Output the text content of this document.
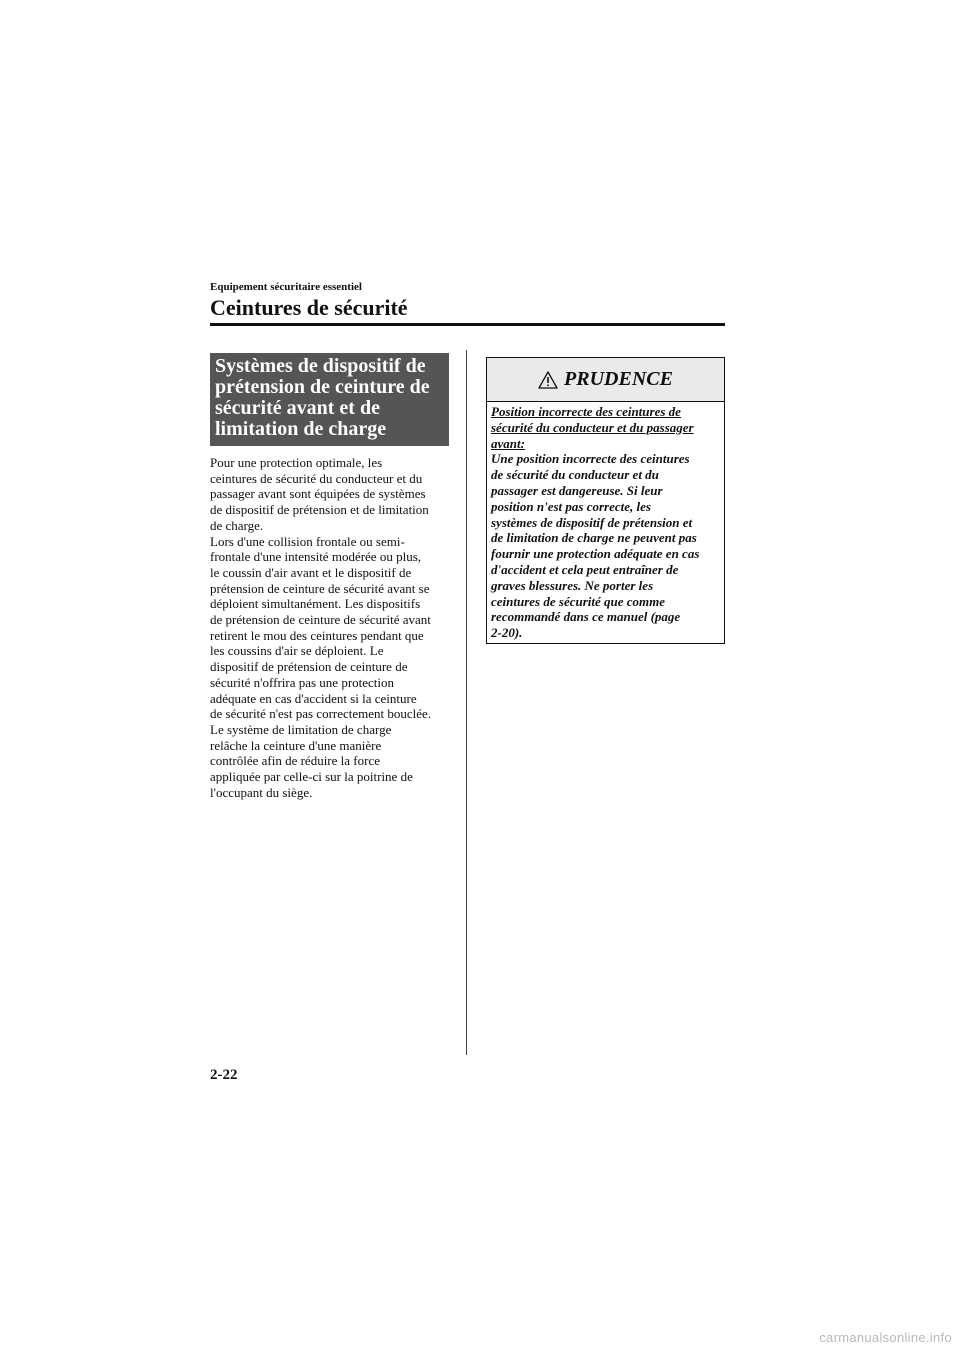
Equipement sécuritaire essentiel
Ceintures de sécurité
Systèmes de dispositif de
prétension de ceinture de
sécurité avant et de
limitation de charge
Pour une protection optimale, les
ceintures de sécurité du conducteur et du
passager avant sont équipées de systèmes
de dispositif de prétension et de limitation
de charge.
Lors d'une collision frontale ou semi-
frontale d'une intensité modérée ou plus,
le coussin d'air avant et le dispositif de
prétension de ceinture de sécurité avant se
déploient simultanément. Les dispositifs
de prétension de ceinture de sécurité avant
retirent le mou des ceintures pendant que
les coussins d'air se déploient. Le
dispositif de prétension de ceinture de
sécurité n'offrira pas une protection
adéquate en cas d'accident si la ceinture
de sécurité n'est pas correctement bouclée.
Le système de limitation de charge
relâche la ceinture d'une manière
contrôlée afin de réduire la force
appliquée par celle-ci sur la poitrine de
l'occupant du siège.
PRUDENCE
Position incorrecte des ceintures de
sécurité du conducteur et du passager
avant:
Une position incorrecte des ceintures
de sécurité du conducteur et du
passager est dangereuse. Si leur
position n'est pas correcte, les
systèmes de dispositif de prétension et
de limitation de charge ne peuvent pas
fournir une protection adéquate en cas
d'accident et cela peut entraîner de
graves blessures. Ne porter les
ceintures de sécurité que comme
recommandé dans ce manuel (page
2-20).
2-22
carmanualsonline.info
